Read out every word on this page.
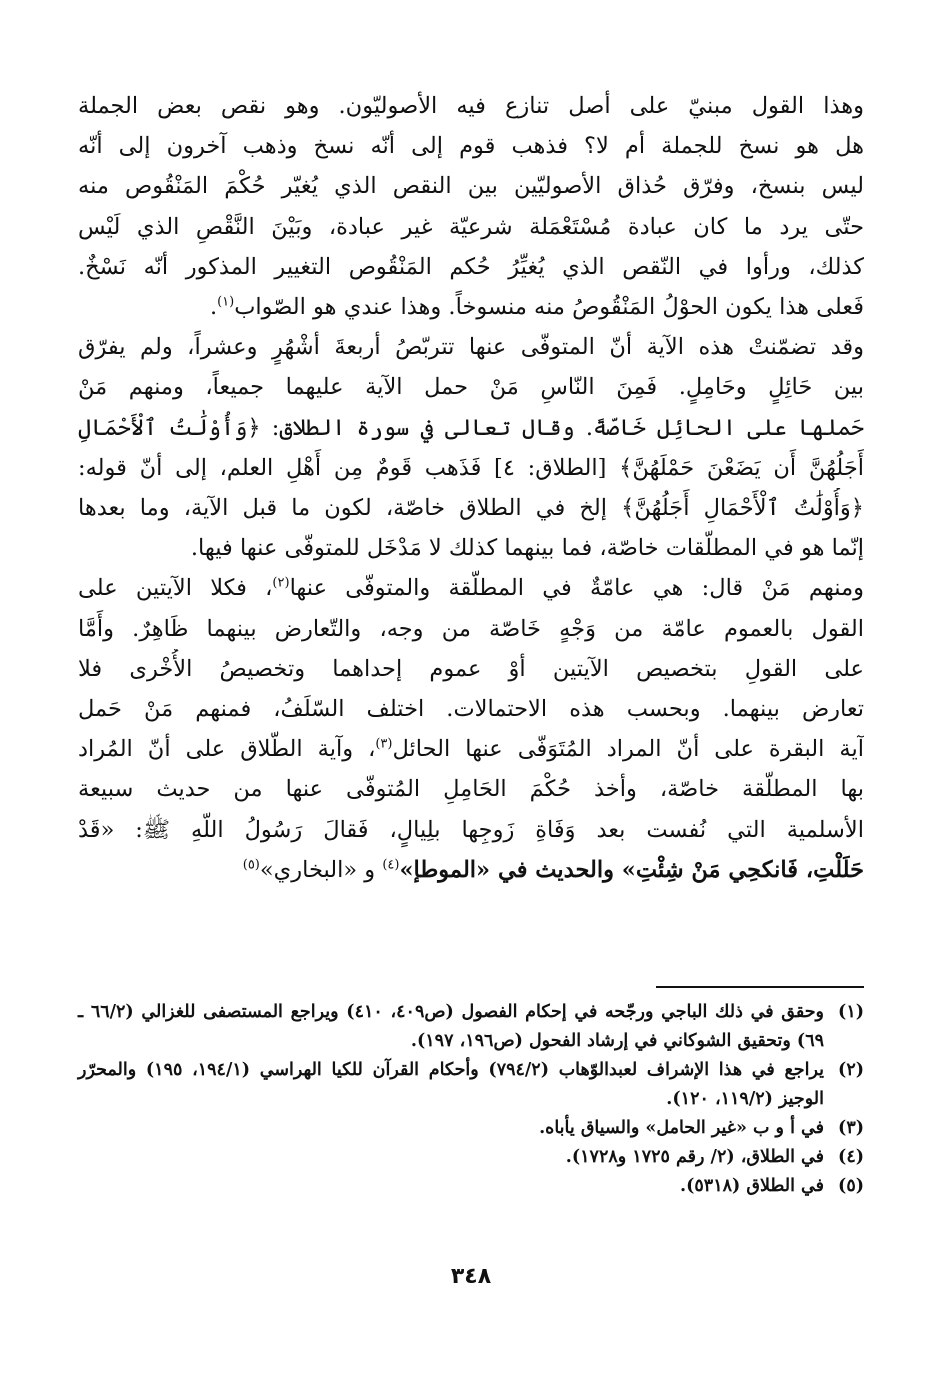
وهذا القول مبنيّ على أصل تنازع فيه الأصوليّون. وهو نقص بعض الجملة
هل هو نسخ للجملة أم لا؟ فذهب قوم إلى أنّه نسخ وذهب آخرون إلى أنّه
ليس بنسخ، وفرّق حُذاق الأصوليّين بين النقص الذي يُغيّر حُكْمَ المَنْقُوص منه
حتّى يرد ما كان عبادة مُسْتَعْمَلة شرعيّة غير عبادة، وبَيْنَ النَّقْصِ الذي لَيْس
كذلك، ورأوا في النّقص الذي يُغيِّرُ حُكم المَنْقُوص التغيير المذكور أنّه نَسْخٌ.
فَعلى هذا يكون الحوْلُ المَنْقُوصُ منه منسوخاً. وهذا عندي هو الصّواب$^{(١)}$.
وقد تضمّنتْ هذه الآية أنّ المتوفّى عنها تتربّصُ أربعةَ أشْهُرٍ وعشراً، ولم يفرّق
بين حَائِلٍ وحَامِلٍ. فَمِنَ النّاسِ مَنْ حمل الآية عليهما جميعاً، ومنهم مَنْ
حَملها على الحائِل خَاصّةً. وقال تعالى في سورة الطلاق: ﴿وَأُوْلَٰتُ ٱلْأَحْمَالِ
أَجَلُهُنَّ أَن يَضَعْنَ حَمْلَهُنَّ﴾ [الطلاق: ٤] فَذَهب قَومٌ مِن أَهْلِ العلم، إلى أنّ قوله:
﴿وَأُوْلَٰتُ ٱلْأَحْمَالِ أَجَلُهُنَّ﴾ إلخ في الطلاق خاصّة، لكون ما قبل الآية، وما بعدها
إنّما هو في المطلّقات خاصّة، فما بينهما كذلك لا مَدْخَل للمتوفّى عنها فيها.
ومنهم مَنْ قال: هي عامّةٌ في المطلّقة والمتوفّى عنها$^{(٢)}$، فكلا الآيتين على
القول بالعموم عامّة من وَجْهٍ خَاصّة من وجه، والتّعارض بينهما ظَاهِرٌ. وأَمَّا
على القولِ بتخصيص الآيتين أوْ عموم إحداهما وتخصيصُ الأُخْرى فلا
تعارض بينهما. وبحسب هذه الاحتمالات. اختلف السّلَفُ، فمنهم مَنْ حَمل
آية البقرة على أنّ المراد المُتَوَفّى عنها الحائل$^{(٣)}$، وآية الطّلاق على أنّ المُراد
بها المطلّقة خاصّة، وأخذ حُكْمَ الحَامِلِ المُتوفّى عنها من حديث سبيعة
الأسلمية التي نُفست بعد وَفَاةِ زَوجِها بلِيالٍ، فَقالَ رَسُولُ اللّهِ ﷺ: «قَدْ
حَلَلْتِ، فَانكحِي مَنْ شِئْتِ» والحديث في «الموطإ»$^{(٤)}$ و «البخاري»$^{(٥)}$

(١)
وحقق في ذلك الباجي ورجّحه في إحكام الفصول (ص٤٠٩، ٤١٠) ويراجع المستصفى للغزالي (٦٦/٢ ـ ٦٩) وتحقيق الشوكاني في إرشاد الفحول (ص١٩٦، ١٩٧).

(٢)
يراجع في هذا الإشراف لعبدالوّهاب (٧٩٤/٢) وأحكام القرآن للكيا الهراسي (١٩٤/١، ١٩٥) والمحرّر الوجيز (١١٩/٢، ١٢٠).

(٣)
في أ و ب «غير الحامل» والسياق يأباه.

(٤)
في الطلاق، (٢/ رقم ١٧٢٥ و١٧٢٨).

(٥)
في الطلاق (٥٣١٨).

٣٤٨
